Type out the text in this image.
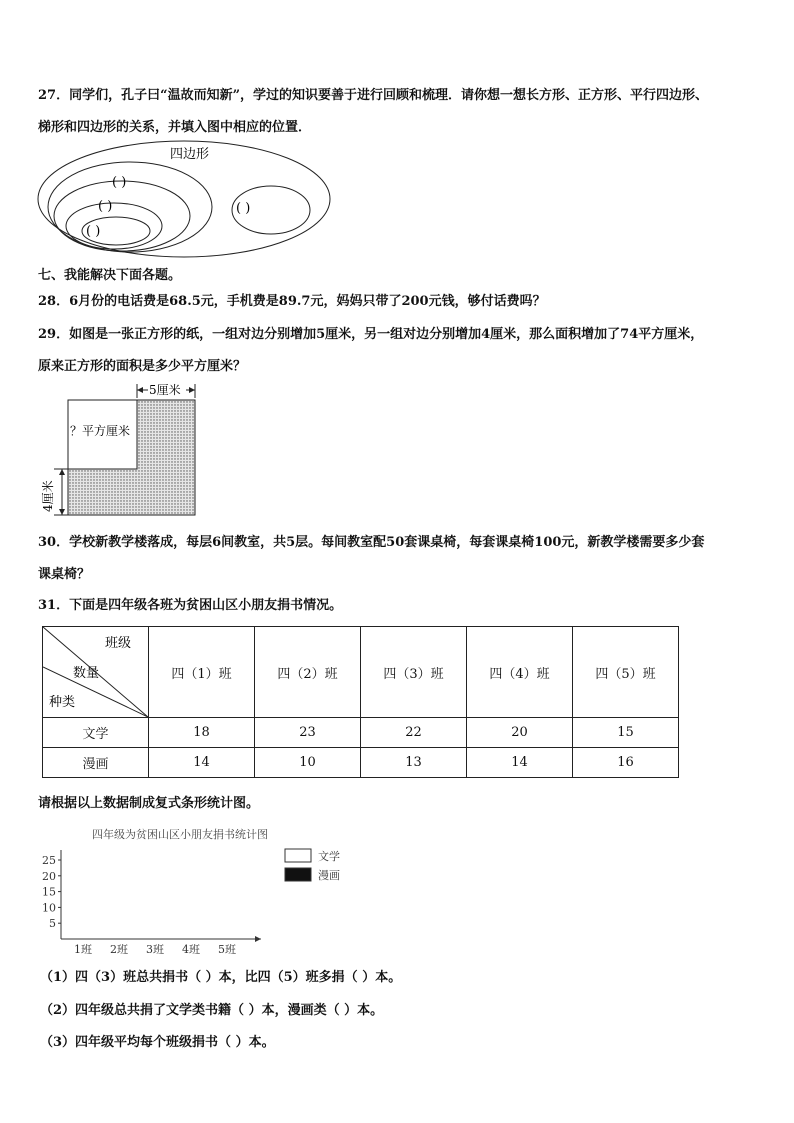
27．同学们，孔子曰“温故而知新”，学过的知识要善于进行回顾和梳理．请你想一想长方形、正方形、平行四边形、
梯形和四边形的关系，并填入图中相应的位置．
四边形
( )
( )
( )
( )
七、我能解决下面各题。
28．6月份的电话费是68.5元，手机费是89.7元，妈妈只带了200元钱，够付话费吗？
29．如图是一张正方形的纸，一组对边分别增加5厘米，另一组对边分别增加4厘米，那么面积增加了74平方厘米，
原来正方形的面积是多少平方厘米？
5厘米
？平方厘米
4厘米
30．学校新教学楼落成，每层6间教室，共5层。每间教室配50套课桌椅，每套课桌椅100元，新教学楼需要多少套
课桌椅？
31．下面是四年级各班为贫困山区小朋友捐书情况。
班级
数量
种类	四（1）班	四（2）班	四（3）班	四（4）班	四（5）班
文学	18	23	22	20	15
漫画	14	10	13	14	16
请根据以上数据制成复式条形统计图。
四年级为贫困山区小朋友捐书统计图
25
20
15
10
5
1班 2班 3班 4班 5班
文学
漫画
（1）四（3）班总共捐书（ ）本，比四（5）班多捐（ ）本。
（2）四年级总共捐了文学类书籍（ ）本，漫画类（ ）本。
（3）四年级平均每个班级捐书（ ）本。
